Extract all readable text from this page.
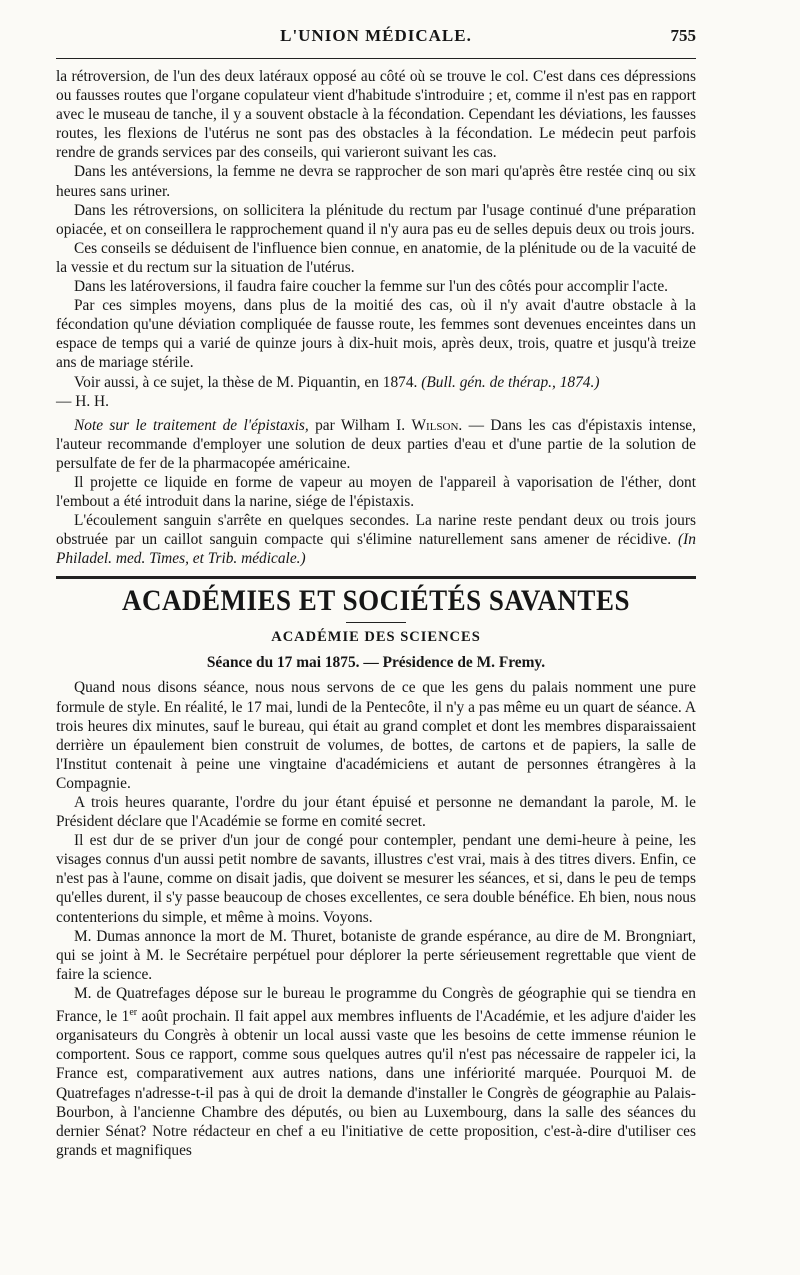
L'UNION MÉDICALE.	755

la rétroversion, de l'un des deux latéraux opposé au côté où se trouve le col. C'est dans ces dépressions ou fausses routes que l'organe copulateur vient d'habitude s'introduire ; et, comme il n'est pas en rapport avec le museau de tanche, il y a souvent obstacle à la fécondation. Cependant les déviations, les fausses routes, les flexions de l'utérus ne sont pas des obstacles à la fécondation. Le médecin peut parfois rendre de grands services par des conseils, qui varieront suivant les cas.

Dans les antéversions, la femme ne devra se rapprocher de son mari qu'après être restée cinq ou six heures sans uriner.

Dans les rétroversions, on sollicitera la plénitude du rectum par l'usage continué d'une préparation opiacée, et on conseillera le rapprochement quand il n'y aura pas eu de selles depuis deux ou trois jours.

Ces conseils se déduisent de l'influence bien connue, en anatomie, de la plénitude ou de la vacuité de la vessie et du rectum sur la situation de l'utérus.

Dans les latéroversions, il faudra faire coucher la femme sur l'un des côtés pour accomplir l'acte.

Par ces simples moyens, dans plus de la moitié des cas, où il n'y avait d'autre obstacle à la fécondation qu'une déviation compliquée de fausse route, les femmes sont devenues enceintes dans un espace de temps qui a varié de quinze jours à dix-huit mois, après deux, trois, quatre et jusqu'à treize ans de mariage stérile.

Voir aussi, à ce sujet, la thèse de M. Piquantin, en 1874. (Bull. gén. de thérap., 1874.)
— H. H.

Note sur le traitement de l'épistaxis, par Wilham I. Wilson. — Dans les cas d'épistaxis intense, l'auteur recommande d'employer une solution de deux parties d'eau et d'une partie de la solution de persulfate de fer de la pharmacopée américaine.

Il projette ce liquide en forme de vapeur au moyen de l'appareil à vaporisation de l'éther, dont l'embout a été introduit dans la narine, siége de l'épistaxis.

L'écoulement sanguin s'arrête en quelques secondes. La narine reste pendant deux ou trois jours obstruée par un caillot sanguin compacte qui s'élimine naturellement sans amener de récidive. (In Philadel. med. Times, et Trib. médicale.)

ACADÉMIES ET SOCIÉTÉS SAVANTES
ACADÉMIE DES SCIENCES
Séance du 17 mai 1875. — Présidence de M. Fremy.

Quand nous disons séance, nous nous servons de ce que les gens du palais nomment une pure formule de style. En réalité, le 17 mai, lundi de la Pentecôte, il n'y a pas même eu un quart de séance. A trois heures dix minutes, sauf le bureau, qui était au grand complet et dont les membres disparaissaient derrière un épaulement bien construit de volumes, de bottes, de cartons et de papiers, la salle de l'Institut contenait à peine une vingtaine d'académiciens et autant de personnes étrangères à la Compagnie.

A trois heures quarante, l'ordre du jour étant épuisé et personne ne demandant la parole, M. le Président déclare que l'Académie se forme en comité secret.

Il est dur de se priver d'un jour de congé pour contempler, pendant une demi-heure à peine, les visages connus d'un aussi petit nombre de savants, illustres c'est vrai, mais à des titres divers. Enfin, ce n'est pas à l'aune, comme on disait jadis, que doivent se mesurer les séances, et si, dans le peu de temps qu'elles durent, il s'y passe beaucoup de choses excellentes, ce sera double bénéfice. Eh bien, nous nous contenterions du simple, et même à moins. Voyons.

M. Dumas annonce la mort de M. Thuret, botaniste de grande espérance, au dire de M. Brongniart, qui se joint à M. le Secrétaire perpétuel pour déplorer la perte sérieusement regrettable que vient de faire la science.

M. de Quatrefages dépose sur le bureau le programme du Congrès de géographie qui se tiendra en France, le 1er août prochain. Il fait appel aux membres influents de l'Académie, et les adjure d'aider les organisateurs du Congrès à obtenir un local aussi vaste que les besoins de cette immense réunion le comportent. Sous ce rapport, comme sous quelques autres qu'il n'est pas nécessaire de rappeler ici, la France est, comparativement aux autres nations, dans une infériorité marquée. Pourquoi M. de Quatrefages n'adresse-t-il pas à qui de droit la demande d'installer le Congrès de géographie au Palais-Bourbon, à l'ancienne Chambre des députés, ou bien au Luxembourg, dans la salle des séances du dernier Sénat? Notre rédacteur en chef a eu l'initiative de cette proposition, c'est-à-dire d'utiliser ces grands et magnifiques
